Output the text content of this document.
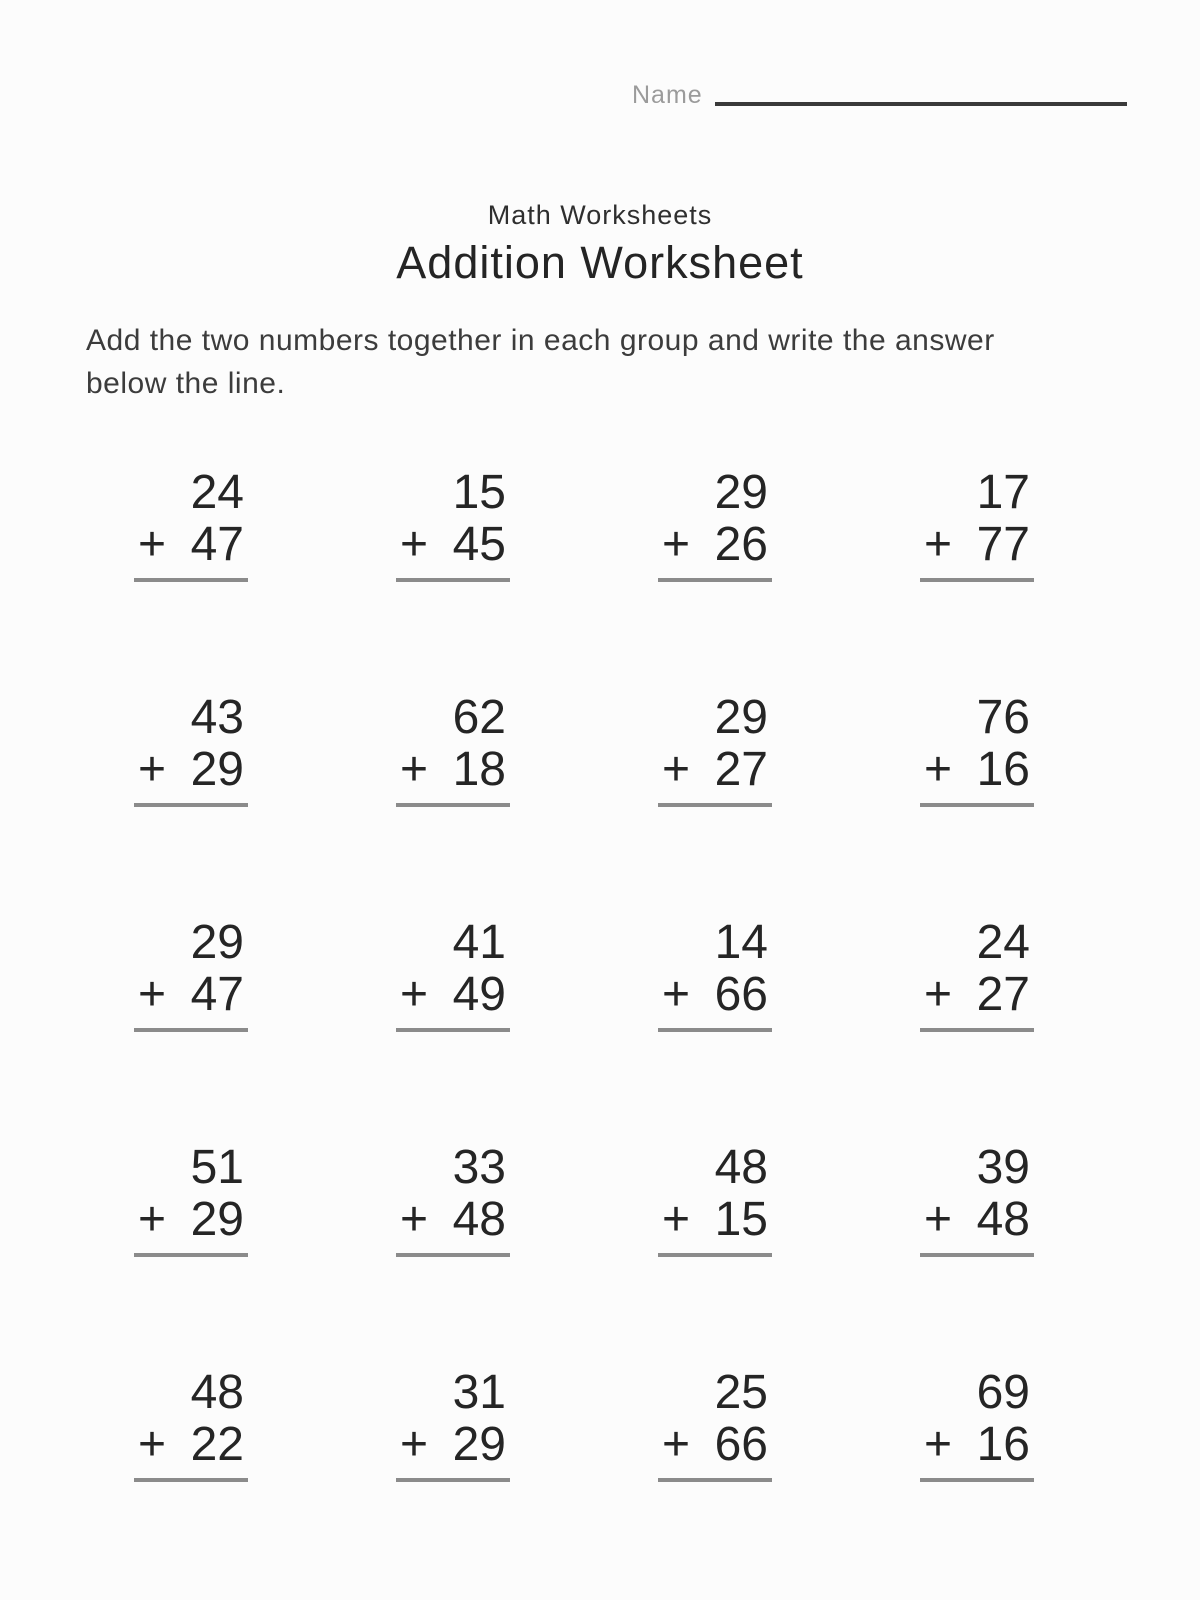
Name
Math Worksheets
Addition Worksheet
Add the two numbers together in each group and write the answer below the line.
24
+ 47
15
+ 45
29
+ 26
17
+ 77
43
+ 29
62
+ 18
29
+ 27
76
+ 16
29
+ 47
41
+ 49
14
+ 66
24
+ 27
51
+ 29
33
+ 48
48
+ 15
39
+ 48
48
+ 22
31
+ 29
25
+ 66
69
+ 16
